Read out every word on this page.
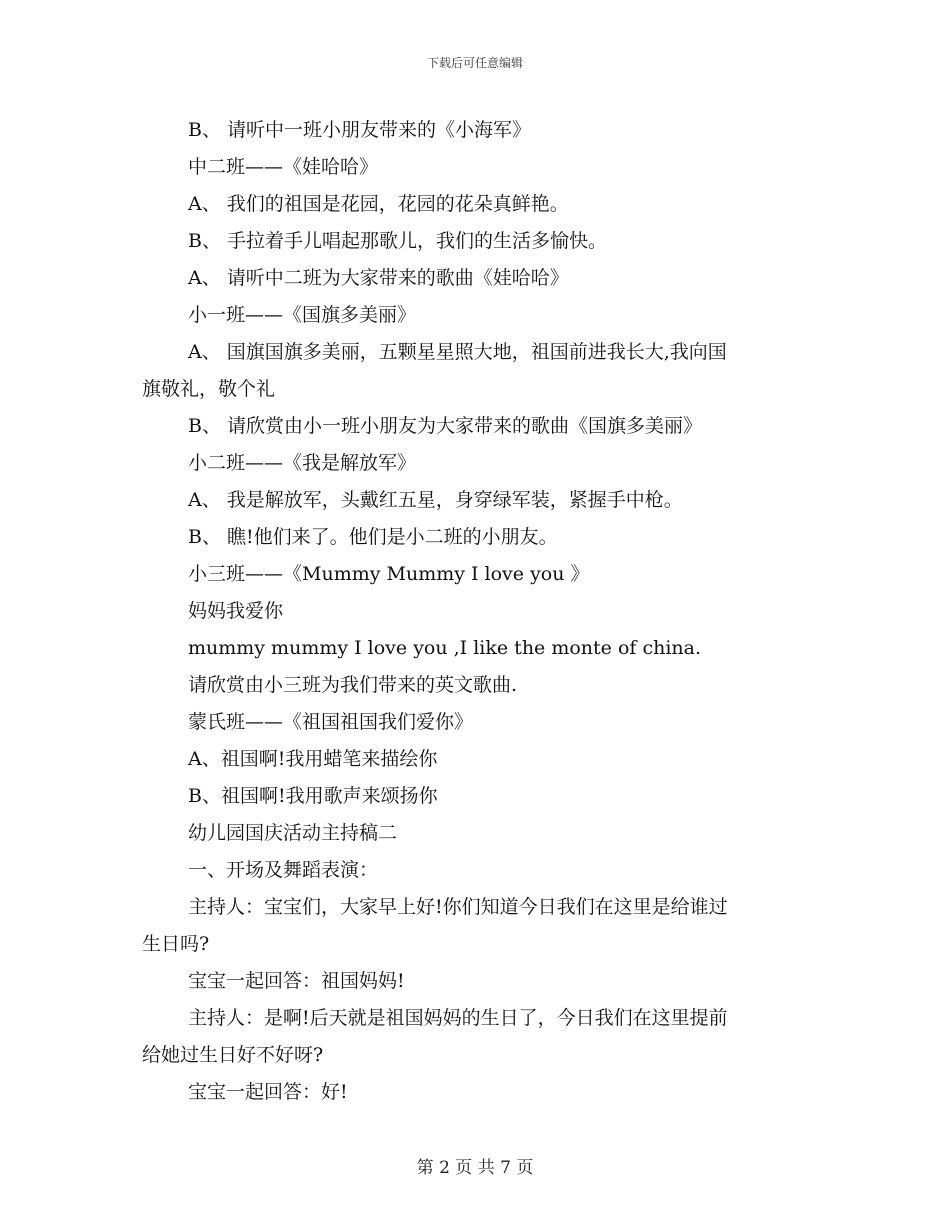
下载后可任意编辑
B、 请听中一班小朋友带来的《小海军》
中二班——《娃哈哈》
A、 我们的祖国是花园，花园的花朵真鲜艳。
B、 手拉着手儿唱起那歌儿，我们的生活多愉快。
A、 请听中二班为大家带来的歌曲《娃哈哈》
小一班——《国旗多美丽》
A、 国旗国旗多美丽，五颗星星照大地，祖国前进我长大,我向国
旗敬礼，敬个礼
B、 请欣赏由小一班小朋友为大家带来的歌曲《国旗多美丽》
小二班——《我是解放军》
A、 我是解放军，头戴红五星，身穿绿军装，紧握手中枪。
B、 瞧!他们来了。他们是小二班的小朋友。
小三班——《Mummy Mummy I love you 》
妈妈我爱你
mummy mummy I love you ,I like the monte of china.
请欣赏由小三班为我们带来的英文歌曲.
蒙氏班——《祖国祖国我们爱你》
A、祖国啊!我用蜡笔来描绘你
B、祖国啊!我用歌声来颂扬你
幼儿园国庆活动主持稿二
一、开场及舞蹈表演：
主持人：宝宝们，大家早上好!你们知道今日我们在这里是给谁过
生日吗?
宝宝一起回答：祖国妈妈!
主持人：是啊!后天就是祖国妈妈的生日了，今日我们在这里提前
给她过生日好不好呀?
宝宝一起回答：好!
第 2 页 共 7 页
